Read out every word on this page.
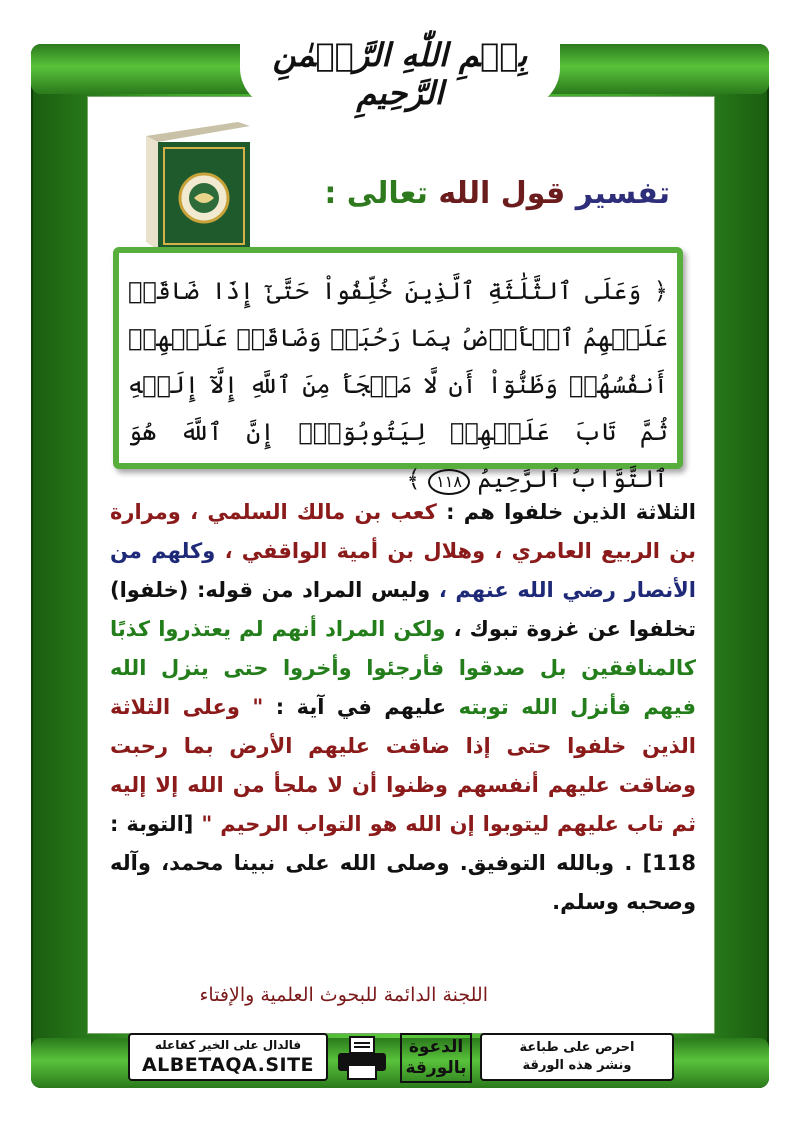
بِسۡمِ اللّٰهِ الرَّحۡمٰنِ الرَّحِيمِ
تفسير قول الله تعالى :
﴿ وَعَلَى ٱلثَّلَٰثَةِ ٱلَّذِينَ خُلِّفُواْ حَتَّىٰٓ إِذَا ضَاقَتۡ عَلَيۡهِمُ ٱلۡأَرۡضُ بِمَا رَحُبَتۡ وَضَاقَتۡ عَلَيۡهِمۡ أَنفُسُهُمۡ وَظَنُّوٓاْ أَن لَّا مَلۡجَأَ مِنَ ٱللَّهِ إِلَّآ إِلَيۡهِ ثُمَّ تَابَ عَلَيۡهِمۡ لِيَتُوبُوٓاْۚ إِنَّ ٱللَّهَ هُوَ ٱلتَّوَّابُ ٱلرَّحِيمُ ١١٨ ﴾
الثلاثة الذين خلفوا هم : كعب بن مالك السلمي ، ومرارة بن الربيع العامري ، وهلال بن أمية الواقفي ، وكلهم من الأنصار رضي الله عنهم ، وليس المراد من قوله: (خلفوا) تخلفوا عن غزوة تبوك ، ولكن المراد أنهم لم يعتذروا كذبًا كالمنافقين بل صدقوا فأرجئوا وأخروا حتى ينزل الله فيهم فأنزل الله توبته عليهم في آية : " وعلى الثلاثة الذين خلفوا حتى إذا ضاقت عليهم الأرض بما رحبت وضاقت عليهم أنفسهم وظنوا أن لا ملجأ من الله إلا إليه ثم تاب عليهم ليتوبوا إن الله هو التواب الرحيم " [التوبة : 118] . وبالله التوفيق. وصلى الله على نبينا محمد، وآله وصحبه وسلم.
اللجنة الدائمة للبحوث العلمية والإفتاء
فالدال على الخير كفاعله
ALBETAQA.SITE
الدعوة
بالورقة
احرص على طباعة
ونشر هذه الورقة
